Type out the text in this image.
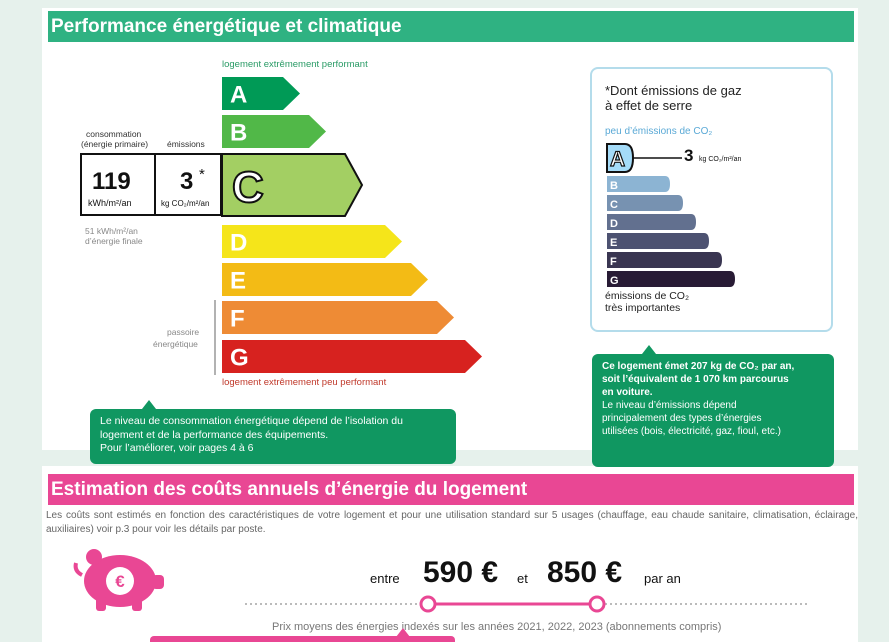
Performance énergétique et climatique
logement extrêmement performant
A
B
C
D
E
F
G
logement extrêmement peu performant
consommation
(énergie primaire) émissions
119
kWh/m²/an
3 *
kg CO₂/m²/an
51 kWh/m²/an
d’énergie finale
passoire
énergétique
Le niveau de consommation énergétique dépend de l’isolation du
logement et de la performance des équipements.
Pour l’améliorer, voir pages 4 à 6
*Dont émissions de gaz
à effet de serre
peu d’émissions de CO₂
A
B
C
D
E
F
G
3 kg CO₂/m²/an
émissions de CO₂
très importantes
Ce logement émet 207 kg de CO₂ par an,
soit l’équivalent de 1 070 km parcourus
en voiture.
Le niveau d’émissions dépend
principalement des types d’énergies
utilisées (bois, électricité, gaz, fioul, etc.)
Estimation des coûts annuels d’énergie du logement
Les coûts sont estimés en fonction des caractéristiques de votre logement et pour une utilisation standard sur 5 usages (chauffage, eau chaude sanitaire, climatisation, éclairage, auxiliaires) voir p.3 pour voir les détails par poste.
€	entre 590 € et 850 € par an
Prix moyens des énergies indexés sur les années 2021, 2022, 2023 (abonnements compris)
